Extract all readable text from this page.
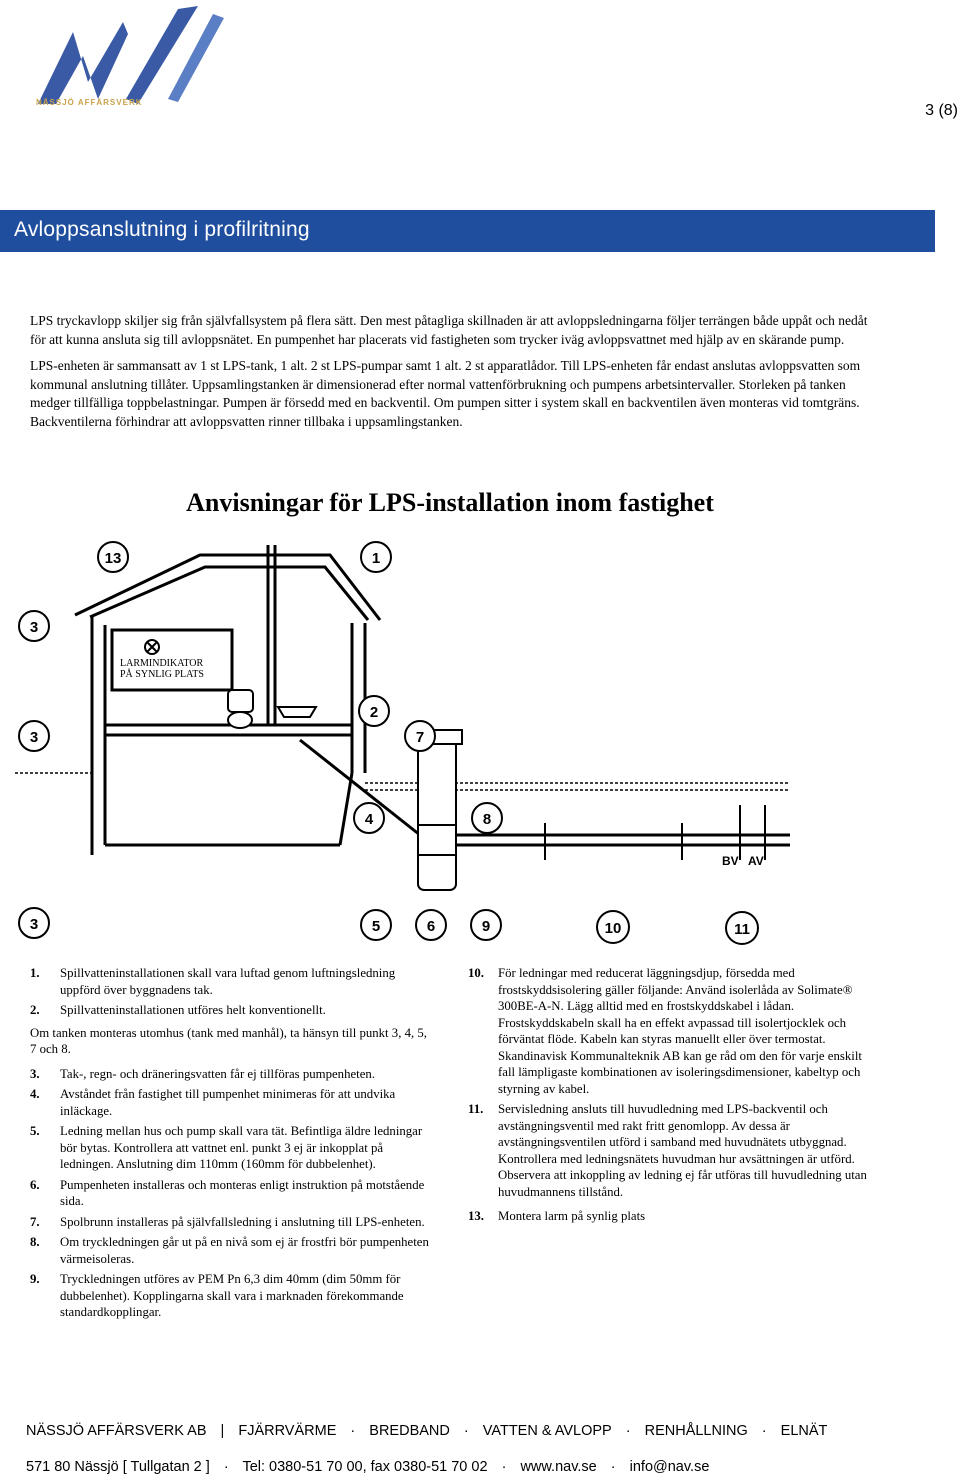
NÄSSJÖ AFFÄRSVERK	3 (8)
Avloppsanslutning i profilritning

LPS tryckavlopp skiljer sig från självfallsystem på flera sätt. Den mest påtagliga skillnaden är att avloppsledningarna följer terrängen både uppåt och nedåt för att kunna ansluta sig till avloppsnätet. En pumpenhet har placerats vid fastigheten som trycker iväg avloppsvattnet med hjälp av en skärande pump.

LPS-enheten är sammansatt av 1 st LPS-tank, 1 alt. 2 st LPS-pumpar samt 1 alt. 2 st apparatlådor. Till LPS-enheten får endast anslutas avloppsvatten som kommunal anslutning tillåter. Uppsamlingstanken är dimensionerad efter normal vattenförbrukning och pumpens arbetsintervaller. Storleken på tanken medger tillfälliga toppbelastningar. Pumpen är försedd med en backventil. Om pumpen sitter i system skall en backventilen även monteras vid tomtgräns. Backventilerna förhindrar att avloppsvatten rinner tillbaka i uppsamlingstanken.

Anvisningar för LPS-installation inom fastighet
LARMINDIKATOR
PÅ SYNLIG PLATS
BV AV
13	1
3
3
2
7
4	8
3	5	6	9	10	11
1.	Spillvatteninstallationen skall vara luftad genom luftningsledning uppförd över byggnadens tak.
2.	Spillvatteninstallationen utföres helt konventionellt.
Om tanken monteras utomhus (tank med manhål), ta hänsyn till punkt 3, 4, 5, 7 och 8.
3.	Tak-, regn- och dräneringsvatten får ej tillföras pumpenheten.
4.	Avståndet från fastighet till pumpenhet minimeras för att undvika inläckage.
5.	Ledning mellan hus och pump skall vara tät. Befintliga äldre ledningar bör bytas. Kontrollera att vattnet enl. punkt 3 ej är inkopplat på ledningen. Anslutning dim 110mm (160mm för dubbelenhet).
6.	Pumpenheten installeras och monteras enligt instruktion på motstående sida.
7.	Spolbrunn installeras på självfallsledning i anslutning till LPS-enheten.
8.	Om tryckledningen går ut på en nivå som ej är frostfri bör pumpenheten värmeisoleras.
9.	Tryckledningen utföres av PEM Pn 6,3 dim 40mm (dim 50mm för dubbelenhet). Kopplingarna skall vara i marknaden förekommande standardkopplingar.
10.	För ledningar med reducerat läggningsdjup, försedda med frostskyddsisolering gäller följande: Använd isolerlåda av Solimate® 300BE-A-N. Lägg alltid med en frostskyddskabel i lådan. Frostskyddskabeln skall ha en effekt avpassad till isolertjocklek och förväntat flöde. Kabeln kan styras manuellt eller över termostat. Skandinavisk Kommunalteknik AB kan ge råd om den för varje enskilt fall lämpligaste kombinationen av isoleringsdimensioner, kabeltyp och styrning av kabel.
11.	Servisledning ansluts till huvudledning med LPS-backventil och avstängningsventil med rakt fritt genomlopp. Av dessa är avstängningsventilen utförd i samband med huvudnätets utbyggnad. Kontrollera med ledningsnätets huvudman hur avsättningen är utförd. Observera att inkoppling av ledning ej får utföras till huvudledning utan huvudmannens tillstånd.
13.	Montera larm på synlig plats
NÄSSJÖ AFFÄRSVERK AB | FJÄRRVÄRME · BREDBAND · VATTEN & AVLOPP · RENHÅLLNING · ELNÄT
571 80 Nässjö [ Tullgatan 2 ] · Tel: 0380-51 70 00, fax 0380-51 70 02 · www.nav.se · info@nav.se
